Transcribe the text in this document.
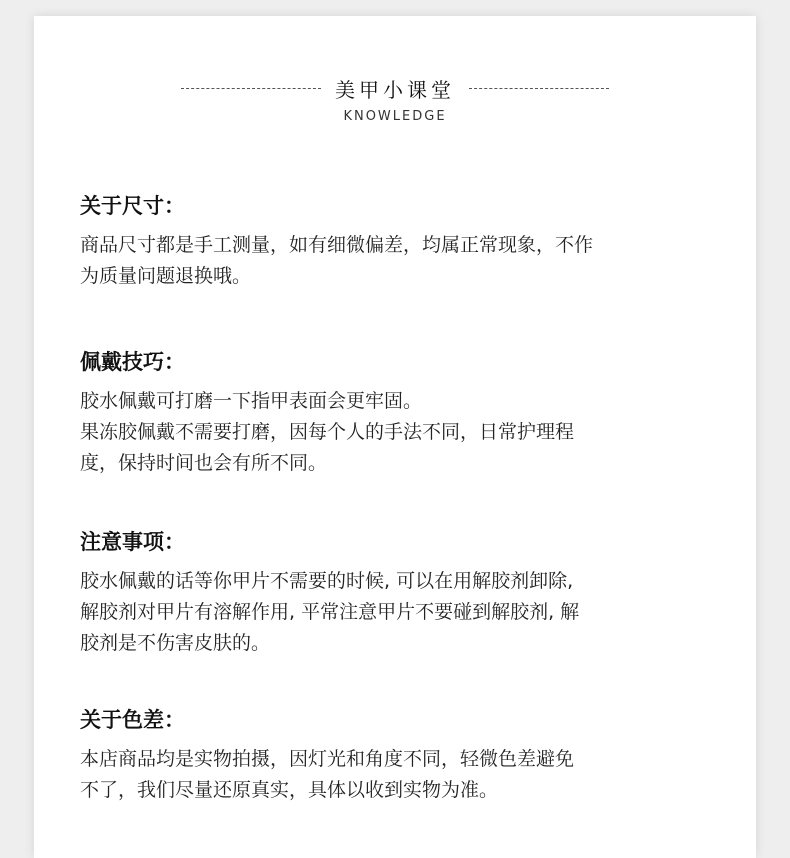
美甲小课堂
KNOWLEDGE
关于尺寸：
商品尺寸都是手工测量，如有细微偏差，均属正常现象，不作
为质量问题退换哦。
佩戴技巧：
胶水佩戴可打磨一下指甲表面会更牢固。
果冻胶佩戴不需要打磨，因每个人的手法不同，日常护理程
度，保持时间也会有所不同。
注意事项：
胶水佩戴的话等你甲片不需要的时候, 可以在用解胶剂卸除,
解胶剂对甲片有溶解作用, 平常注意甲片不要碰到解胶剂, 解
胶剂是不伤害皮肤的。
关于色差：
本店商品均是实物拍摄，因灯光和角度不同，轻微色差避免
不了，我们尽量还原真实，具体以收到实物为准。
